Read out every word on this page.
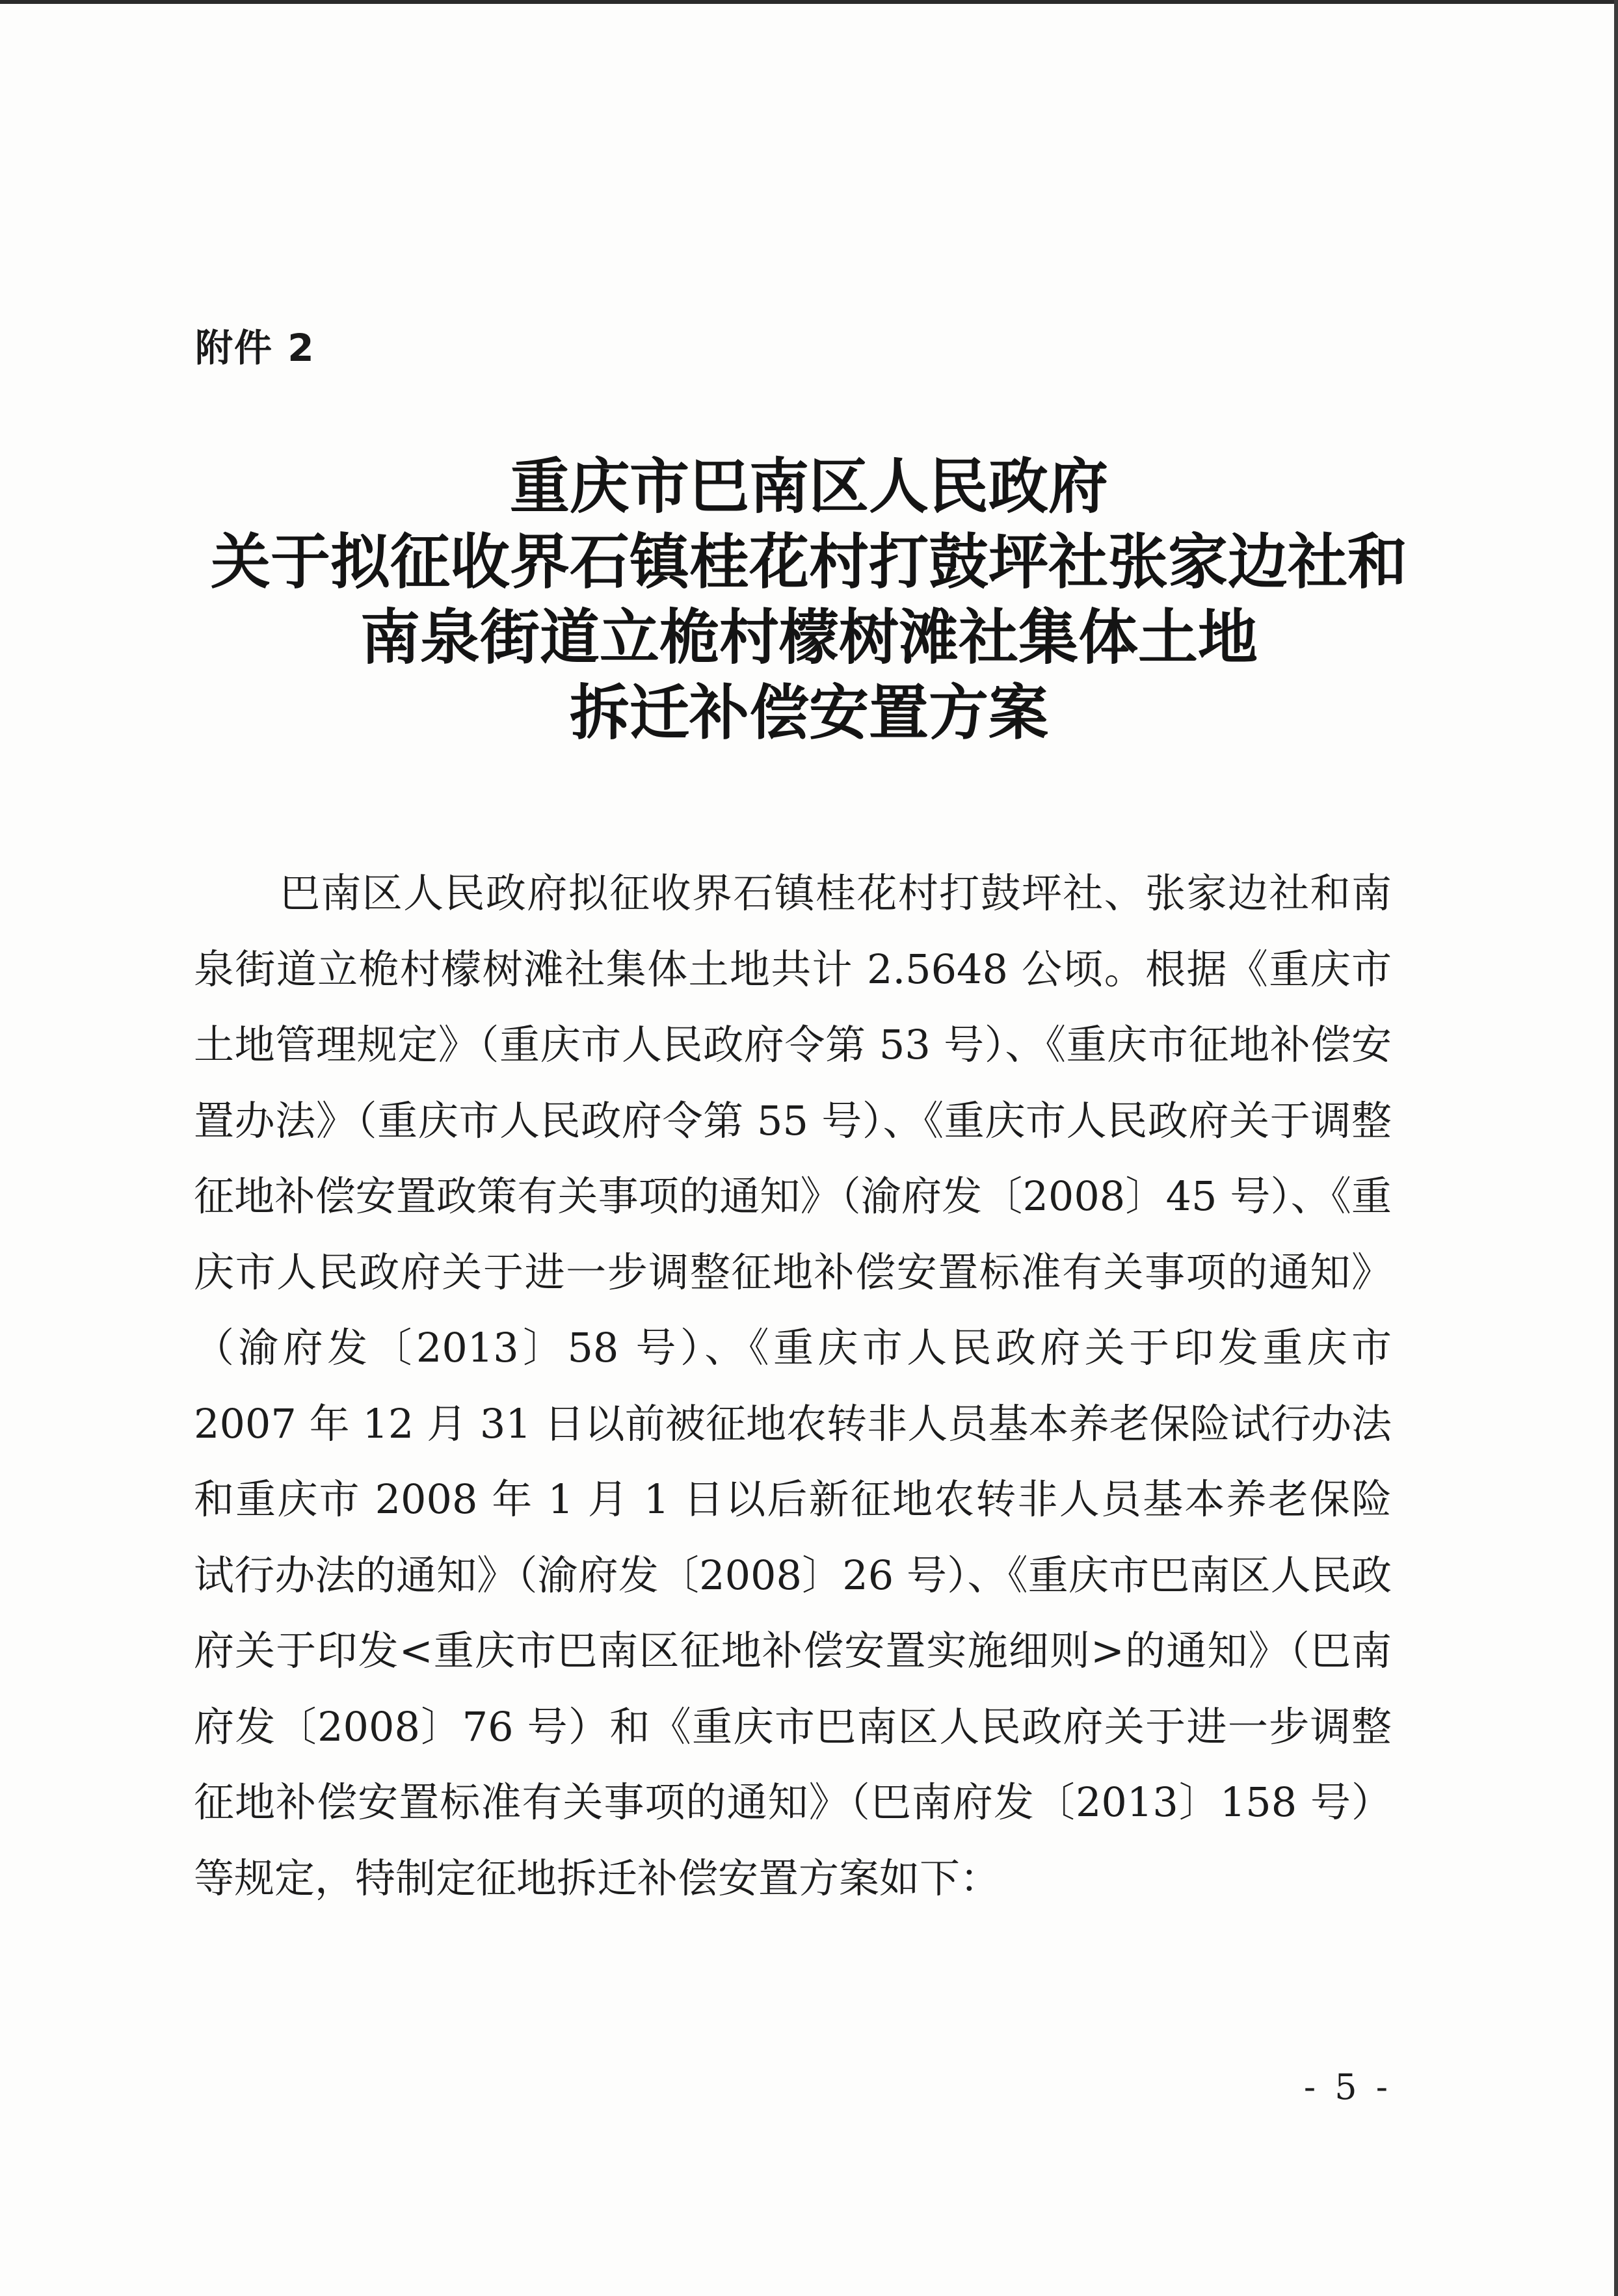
附件 2
重庆市巴南区人民政府
关于拟征收界石镇桂花村打鼓坪社张家边社和
南泉街道立桅村檬树滩社集体土地
拆迁补偿安置方案

巴南区人民政府拟征收界石镇桂花村打鼓坪社、张家边社和南泉街道立桅村檬树滩社集体土地共计 2.5648 公顷。根据《重庆市土地管理规定》（重庆市人民政府令第 53 号）、《重庆市征地补偿安置办法》（重庆市人民政府令第 55 号）、《重庆市人民政府关于调整征地补偿安置政策有关事项的通知》（渝府发〔2008〕45 号）、《重庆市人民政府关于进一步调整征地补偿安置标准有关事项的通知》（渝府发〔2013〕58 号）、《重庆市人民政府关于印发重庆市 2007 年 12 月 31 日以前被征地农转非人员基本养老保险试行办法和重庆市 2008 年 1 月 1 日以后新征地农转非人员基本养老保险试行办法的通知》（渝府发〔2008〕26 号）、《重庆市巴南区人民政府关于印发<重庆市巴南区征地补偿安置实施细则>的通知》（巴南府发〔2008〕76 号）和《重庆市巴南区人民政府关于进一步调整征地补偿安置标准有关事项的通知》（巴南府发〔2013〕158 号）等规定，特制定征地拆迁补偿安置方案如下：

- 5 -
